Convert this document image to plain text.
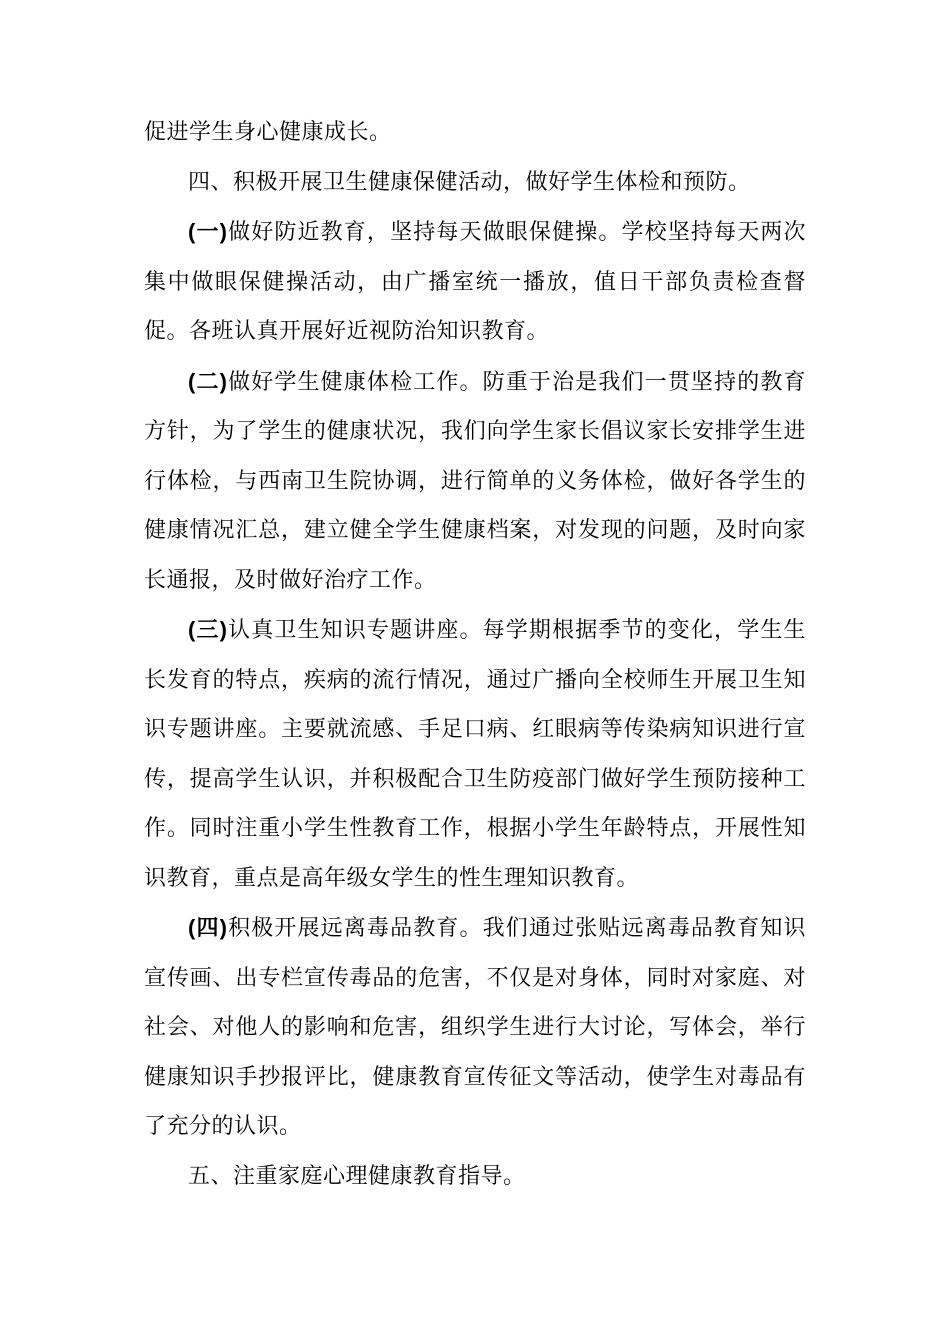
促进学生身心健康成长。

四、积极开展卫生健康保健活动，做好学生体检和预防。

(一)做好防近教育，坚持每天做眼保健操。学校坚持每天两次集中做眼保健操活动，由广播室统一播放，值日干部负责检查督促。各班认真开展好近视防治知识教育。

(二)做好学生健康体检工作。防重于治是我们一贯坚持的教育方针，为了学生的健康状况，我们向学生家长倡议家长安排学生进行体检，与西南卫生院协调，进行简单的义务体检，做好各学生的健康情况汇总，建立健全学生健康档案，对发现的问题，及时向家长通报，及时做好治疗工作。

(三)认真卫生知识专题讲座。每学期根据季节的变化，学生生长发育的特点，疾病的流行情况，通过广播向全校师生开展卫生知识专题讲座。主要就流感、手足口病、红眼病等传染病知识进行宣传，提高学生认识，并积极配合卫生防疫部门做好学生预防接种工作。同时注重小学生性教育工作，根据小学生年龄特点，开展性知识教育，重点是高年级女学生的性生理知识教育。

(四)积极开展远离毒品教育。我们通过张贴远离毒品教育知识宣传画、出专栏宣传毒品的危害，不仅是对身体，同时对家庭、对社会、对他人的影响和危害，组织学生进行大讨论，写体会，举行健康知识手抄报评比，健康教育宣传征文等活动，使学生对毒品有了充分的认识。

五、注重家庭心理健康教育指导。
